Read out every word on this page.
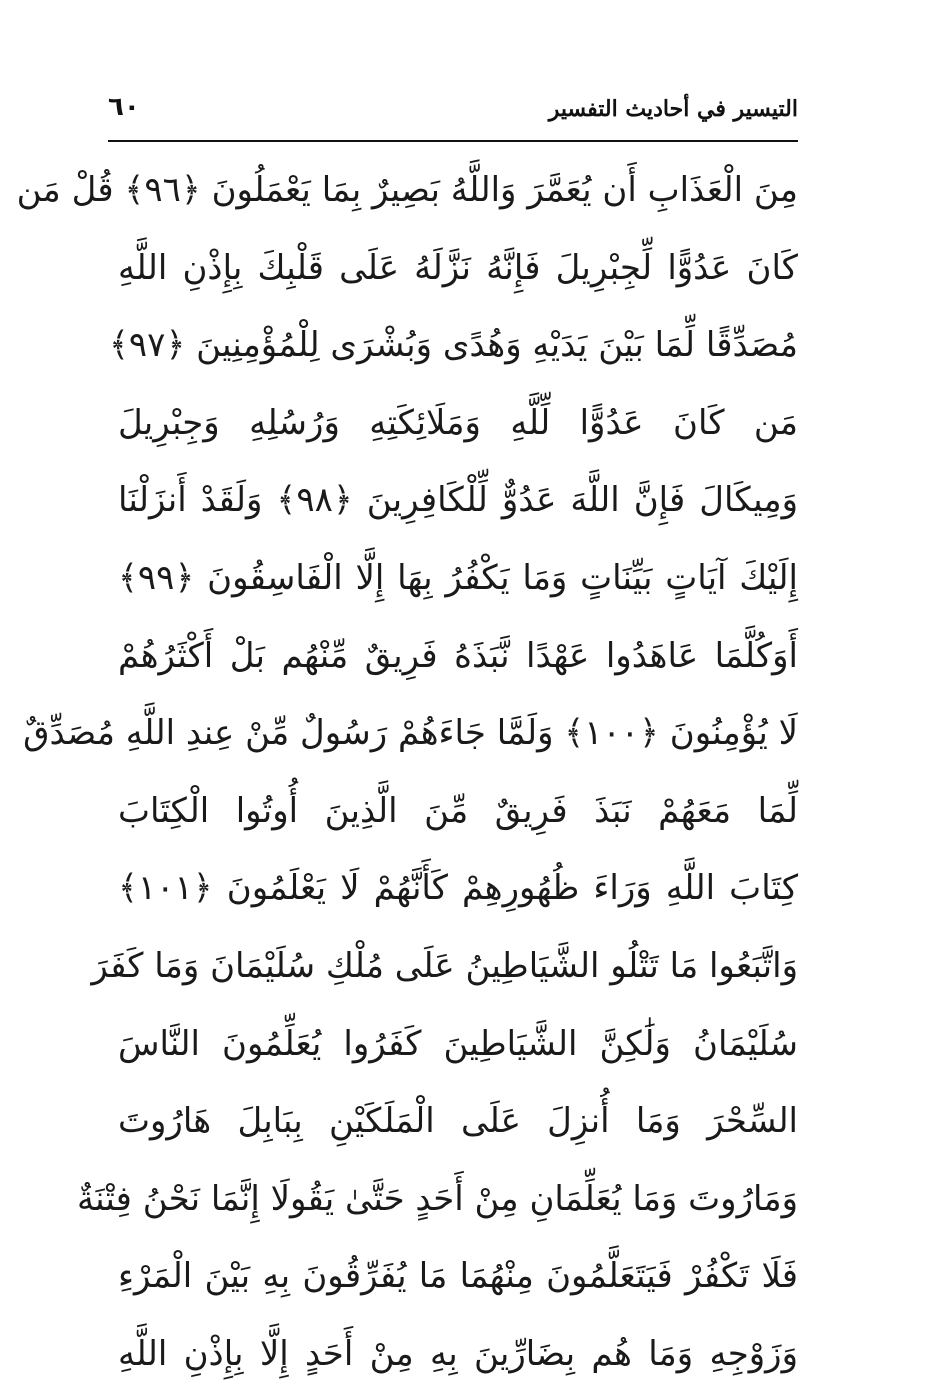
التيسير في أحاديث التفسير
٦٠
مِنَ الْعَذَابِ أَن يُعَمَّرَ وَاللَّهُ بَصِيرٌ بِمَا يَعْمَلُونَ ﴿٩٦﴾ قُلْ مَن
كَانَ عَدُوًّا لِّجِبْرِيلَ فَإِنَّهُ نَزَّلَهُ عَلَى قَلْبِكَ بِإِذْنِ اللَّهِ
مُصَدِّقًا لِّمَا بَيْنَ يَدَيْهِ وَهُدًى وَبُشْرَى لِلْمُؤْمِنِينَ ﴿٩٧﴾
مَن كَانَ عَدُوًّا لِّلَّهِ وَمَلَائِكَتِهِ وَرُسُلِهِ وَجِبْرِيلَ
وَمِيكَالَ فَإِنَّ اللَّهَ عَدُوٌّ لِّلْكَافِرِينَ ﴿٩٨﴾ وَلَقَدْ أَنزَلْنَا
إِلَيْكَ آيَاتٍ بَيِّنَاتٍ وَمَا يَكْفُرُ بِهَا إِلَّا الْفَاسِقُونَ ﴿٩٩﴾
أَوَكُلَّمَا عَاهَدُوا عَهْدًا نَّبَذَهُ فَرِيقٌ مِّنْهُم بَلْ أَكْثَرُهُمْ
لَا يُؤْمِنُونَ ﴿١٠٠﴾ وَلَمَّا جَاءَهُمْ رَسُولٌ مِّنْ عِندِ اللَّهِ مُصَدِّقٌ
لِّمَا مَعَهُمْ نَبَذَ فَرِيقٌ مِّنَ الَّذِينَ أُوتُوا الْكِتَابَ
كِتَابَ اللَّهِ وَرَاءَ ظُهُورِهِمْ كَأَنَّهُمْ لَا يَعْلَمُونَ ﴿١٠١﴾
وَاتَّبَعُوا مَا تَتْلُو الشَّيَاطِينُ عَلَى مُلْكِ سُلَيْمَانَ وَمَا كَفَرَ
سُلَيْمَانُ وَلَٰكِنَّ الشَّيَاطِينَ كَفَرُوا يُعَلِّمُونَ النَّاسَ
السِّحْرَ وَمَا أُنزِلَ عَلَى الْمَلَكَيْنِ بِبَابِلَ هَارُوتَ
وَمَارُوتَ وَمَا يُعَلِّمَانِ مِنْ أَحَدٍ حَتَّىٰ يَقُولَا إِنَّمَا نَحْنُ فِتْنَةٌ
فَلَا تَكْفُرْ فَيَتَعَلَّمُونَ مِنْهُمَا مَا يُفَرِّقُونَ بِهِ بَيْنَ الْمَرْءِ
وَزَوْجِهِ وَمَا هُم بِضَارِّينَ بِهِ مِنْ أَحَدٍ إِلَّا بِإِذْنِ اللَّهِ
